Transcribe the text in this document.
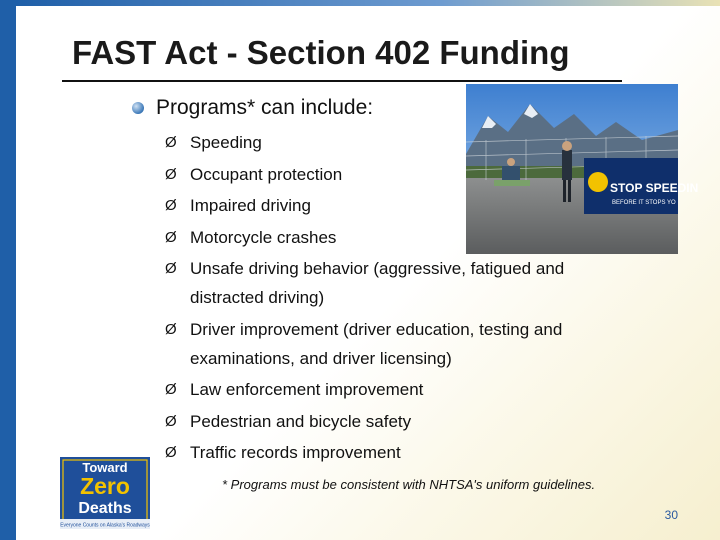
FAST Act - Section 402 Funding
Programs* can include:
Ø Speeding
Ø Occupant protection
Ø Impaired driving
Ø Motorcycle crashes
Ø Unsafe driving behavior (aggressive, fatigued and distracted driving)
Ø Driver improvement (driver education, testing and examinations, and driver licensing)
Ø Law enforcement improvement
Ø Pedestrian and bicycle safety
Ø Traffic records improvement
STOP SPEEDIN
BEFORE IT STOPS YO
* Programs must be consistent with NHTSA's uniform guidelines.
30
Toward
Zero
Deaths
Everyone Counts on Alaska's Roadways
